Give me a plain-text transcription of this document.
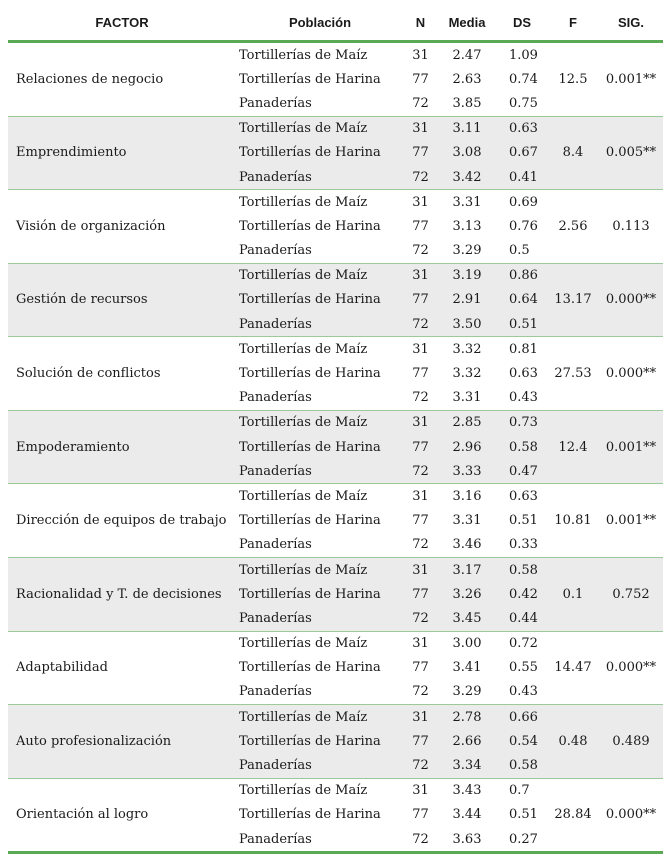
FACTOR	Población	N	Media	DS	F	SIG.
Relaciones de negocio	Tortillerías de Maíz	31	2.47	1.09	12.5	0.001**
	Tortillerías de Harina	77	2.63	0.74		
	Panaderías	72	3.85	0.75		
Emprendimiento	Tortillerías de Maíz	31	3.11	0.63	8.4	0.005**
	Tortillerías de Harina	77	3.08	0.67		
	Panaderías	72	3.42	0.41		
Visión de organización	Tortillerías de Maíz	31	3.31	0.69	2.56	0.113
	Tortillerías de Harina	77	3.13	0.76		
	Panaderías	72	3.29	0.5		
Gestión de recursos	Tortillerías de Maíz	31	3.19	0.86	13.17	0.000**
	Tortillerías de Harina	77	2.91	0.64		
	Panaderías	72	3.50	0.51		
Solución de conflictos	Tortillerías de Maíz	31	3.32	0.81	27.53	0.000**
	Tortillerías de Harina	77	3.32	0.63		
	Panaderías	72	3.31	0.43		
Empoderamiento	Tortillerías de Maíz	31	2.85	0.73	12.4	0.001**
	Tortillerías de Harina	77	2.96	0.58		
	Panaderías	72	3.33	0.47		
Dirección de equipos de trabajo	Tortillerías de Maíz	31	3.16	0.63	10.81	0.001**
	Tortillerías de Harina	77	3.31	0.51		
	Panaderías	72	3.46	0.33		
Racionalidad y T. de decisiones	Tortillerías de Maíz	31	3.17	0.58	0.1	0.752
	Tortillerías de Harina	77	3.26	0.42		
	Panaderías	72	3.45	0.44		
Adaptabilidad	Tortillerías de Maíz	31	3.00	0.72	14.47	0.000**
	Tortillerías de Harina	77	3.41	0.55		
	Panaderías	72	3.29	0.43		
Auto profesionalización	Tortillerías de Maíz	31	2.78	0.66	0.48	0.489
	Tortillerías de Harina	77	2.66	0.54		
	Panaderías	72	3.34	0.58		
Orientación al logro	Tortillerías de Maíz	31	3.43	0.7	28.84	0.000**
	Tortillerías de Harina	77	3.44	0.51		
	Panaderías	72	3.63	0.27		
